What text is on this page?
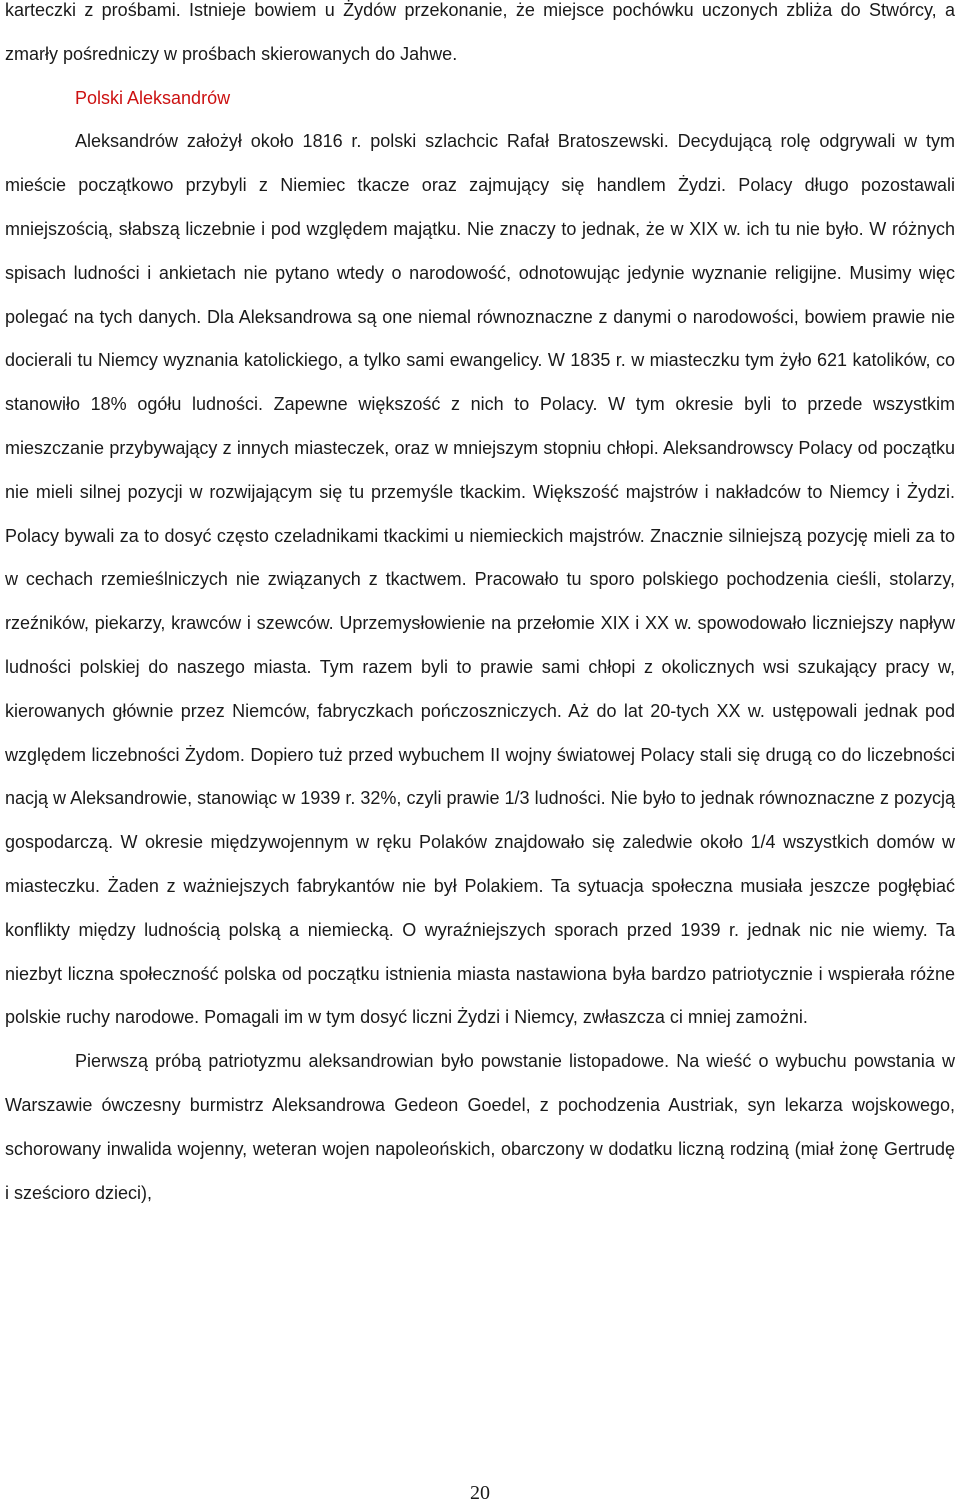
karteczki z prośbami. Istnieje bowiem u Żydów przekonanie, że miejsce pochówku uczonych zbliża do Stwórcy, a zmarły pośredniczy w prośbach skierowanych do Jahwe.

Polski Aleksandrów

Aleksandrów założył około 1816 r. polski szlachcic Rafał Bratoszewski. Decydującą rolę odgrywali w tym mieście początkowo przybyli z Niemiec tkacze oraz zajmujący się handlem Żydzi. Polacy długo pozostawali mniejszością, słabszą liczebnie i pod względem majątku. Nie znaczy to jednak, że w XIX w. ich tu nie było. W różnych spisach ludności i ankietach nie pytano wtedy o narodowość, odnotowując jedynie wyznanie religijne. Musimy więc polegać na tych danych. Dla Aleksandrowa są one niemal równoznaczne z danymi o narodowości, bowiem prawie nie docierali tu Niemcy wyznania katolickiego, a tylko sami ewangelicy. W 1835 r. w miasteczku tym żyło 621 katolików, co stanowiło 18% ogółu ludności. Zapewne większość z nich to Polacy. W tym okresie byli to przede wszystkim mieszczanie przybywający z innych miasteczek, oraz w mniejszym stopniu chłopi. Aleksandrowscy Polacy od początku nie mieli silnej pozycji w rozwijającym się tu przemyśle tkackim. Większość majstrów i nakładców to Niemcy i Żydzi. Polacy bywali za to dosyć często czeladnikami tkackimi u niemieckich majstrów. Znacznie silniejszą pozycję mieli za to w cechach rzemieślniczych nie związanych z tkactwem. Pracowało tu sporo polskiego pochodzenia cieśli, stolarzy, rzeźników, piekarzy, krawców i szewców. Uprzemysłowienie na przełomie XIX i XX w. spowodowało liczniejszy napływ ludności polskiej do naszego miasta. Tym razem byli to prawie sami chłopi z okolicznych wsi szukający pracy w, kierowanych głównie przez Niemców, fabryczkach pończoszniczych. Aż do lat 20-tych XX w. ustępowali jednak pod względem liczebności Żydom. Dopiero tuż przed wybuchem II wojny światowej Polacy stali się drugą co do liczebności nacją w Aleksandrowie, stanowiąc w 1939 r. 32%, czyli prawie 1/3 ludności. Nie było to jednak równoznaczne z pozycją gospodarczą. W okresie międzywojennym w ręku Polaków znajdowało się zaledwie około 1/4 wszystkich domów w miasteczku. Żaden z ważniejszych fabrykantów nie był Polakiem. Ta sytuacja społeczna musiała jeszcze pogłębiać konflikty między ludnością polską a niemiecką. O wyraźniejszych sporach przed 1939 r. jednak nic nie wiemy. Ta niezbyt liczna społeczność polska od początku istnienia miasta nastawiona była bardzo patriotycznie i wspierała różne polskie ruchy narodowe. Pomagali im w tym dosyć liczni Żydzi i Niemcy, zwłaszcza ci mniej zamożni.

Pierwszą próbą patriotyzmu aleksandrowian było powstanie listopadowe. Na wieść o wybuchu powstania w Warszawie ówczesny burmistrz Aleksandrowa Gedeon Goedel, z pochodzenia Austriak, syn lekarza wojskowego, schorowany inwalida wojenny, weteran wojen napoleońskich, obarczony w dodatku liczną rodziną (miał żonę Gertrudę i sześcioro dzieci),

20
